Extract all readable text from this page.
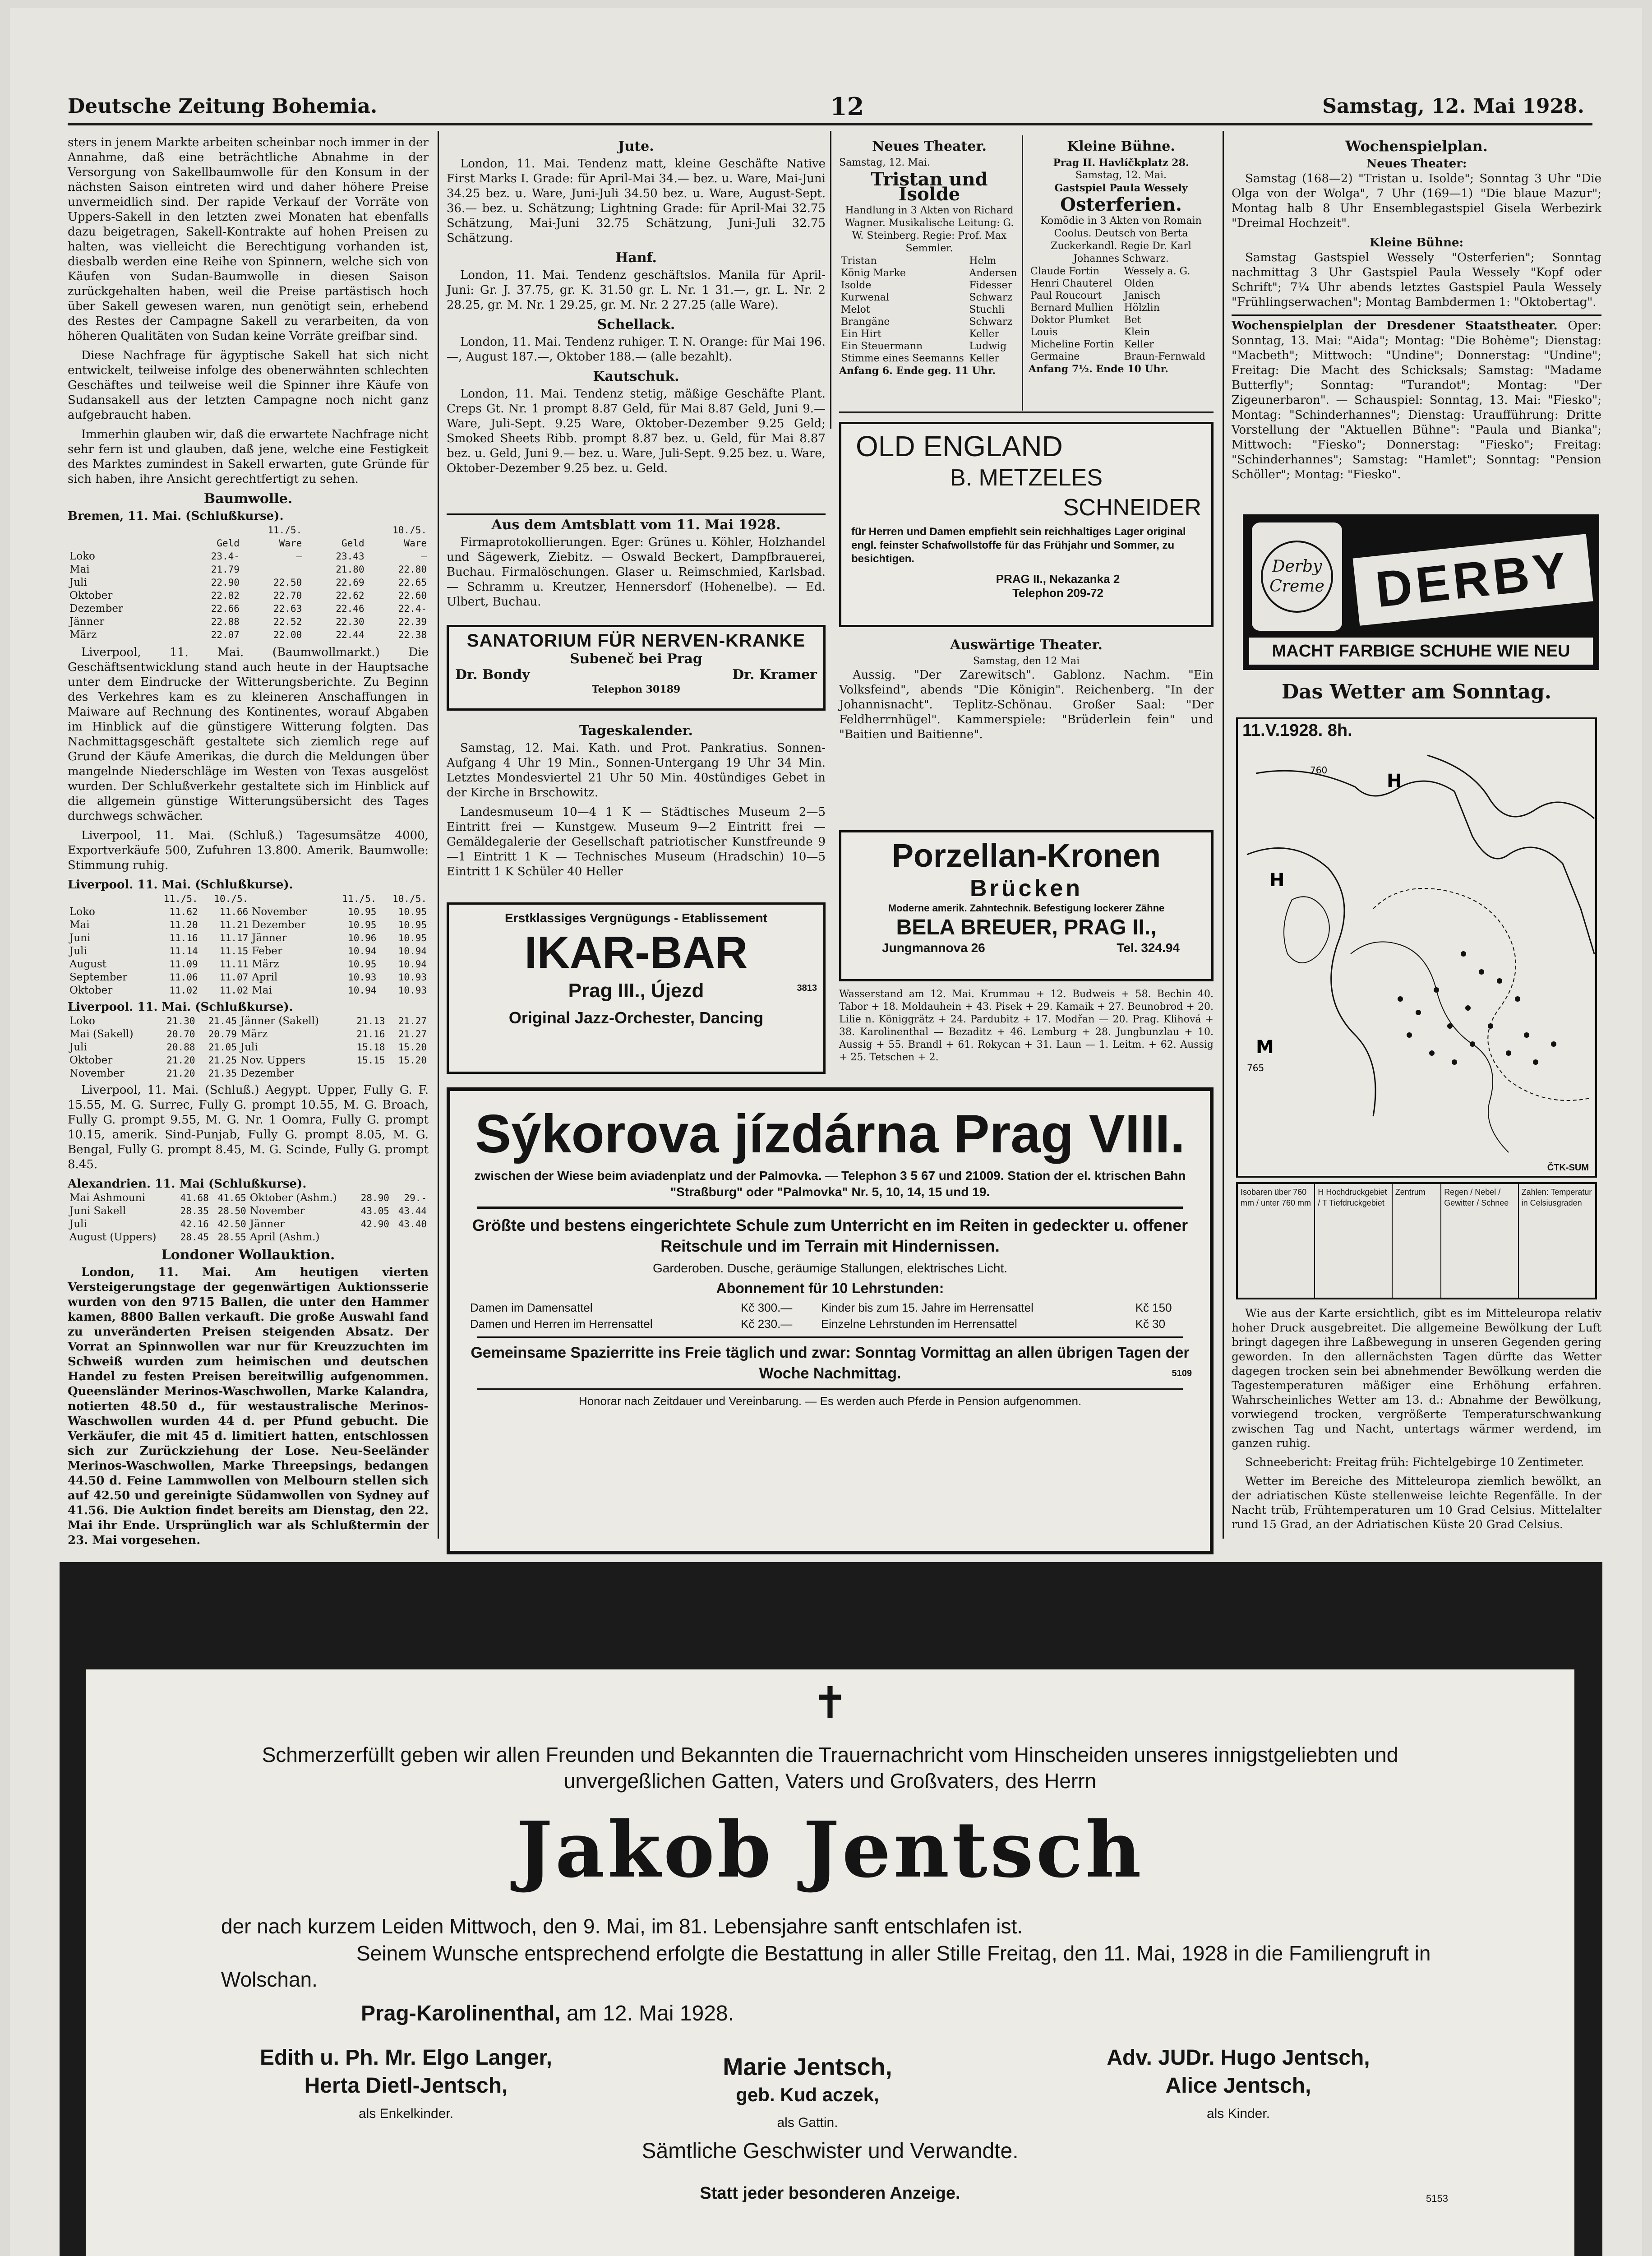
Deutsche Zeitung Bohemia.	12	Samstag, 12. Mai 1928.

sters in jenem Markte arbeiten scheinbar noch immer in der Annahme, daß eine beträchtliche Abnahme in der Versorgung von Sakellbaumwolle für den Konsum in der nächsten Saison eintreten wird und daher höhere Preise unvermeidlich sind. Der rapide Verkauf der Vorräte von Uppers-Sakell in den letzten zwei Monaten hat ebenfalls dazu beigetragen, Sakell-Kontrakte auf hohen Preisen zu halten, was vielleicht die Berechtigung vorhanden ist, diesbalb werden eine Reihe von Spinnern, welche sich von Käufen von Sudan-Baumwolle in diesen Saison zurückgehalten haben, weil die Preise partästisch hoch über Sakell gewesen waren, nun genötigt sein, erhebend des Restes der Campagne Sakell zu verarbeiten, da von höheren Qualitäten von Sudan keine Vorräte greifbar sind.

Diese Nachfrage für ägyptische Sakell hat sich nicht entwickelt, teilweise infolge des obenerwähnten schlechten Geschäftes und teilweise weil die Spinner ihre Käufe von Sudansakell aus der letzten Campagne noch nicht ganz aufgebraucht haben.

Immerhin glauben wir, daß die erwartete Nachfrage nicht sehr fern ist und glauben, daß jene, welche eine Festigkeit des Marktes zumindest in Sakell erwarten, gute Gründe für sich haben, ihre Ansicht gerechtfertigt zu sehen.

Baumwolle.
Bremen, 11. Mai. (Schlußkurse).
	11./5.		10./5.	
	Geld	Ware	Geld	Ware
Loko	23.4-	—	23.43	—
Mai	21.79		21.80	22.80
Juli	22.90	22.50	22.69	22.65
Oktober	22.82	22.70	22.62	22.60
Dezember	22.66	22.63	22.46	22.4-
Jänner	22.88	22.52	22.30	22.39
März	22.07	22.00	22.44	22.38

Liverpool, 11. Mai. (Baumwollmarkt.) Die Geschäftsentwicklung stand auch heute in der Hauptsache unter dem Eindrucke der Witterungsberichte. Zu Beginn des Verkehres kam es zu kleineren Anschaffungen in Maiware auf Rechnung des Kontinentes, worauf Abgaben im Hinblick auf die günstigere Witterung folgten. Das Nachmittagsgeschäft gestaltete sich ziemlich rege auf Grund der Käufe Amerikas, die durch die Meldungen über mangelnde Niederschläge im Westen von Texas ausgelöst wurden. Der Schlußverkehr gestaltete sich im Hinblick auf die allgemein günstige Witterungsübersicht des Tages durchwegs schwächer.

Liverpool, 11. Mai. (Schluß.) Tagesumsätze 4000, Exportverkäufe 500, Zufuhren 13.800. Amerik. Baumwolle: Stimmung ruhig.

Liverpool. 11. Mai. (Schlußkurse).
	11./5.	10./5.		11./5.	10./5.
Loko	11.62	11.66	November	10.95	10.95
Mai	11.20	11.21	Dezember	10.95	10.95
Juni	11.16	11.17	Jänner	10.96	10.95
Juli	11.14	11.15	Feber	10.94	10.94
August	11.09	11.11	März	10.95	10.94
September	11.06	11.07	April	10.93	10.93
Oktober	11.02	11.02	Mai	10.94	10.93
Liverpool. 11. Mai. (Schlußkurse).
Loko	21.30	21.45	Jänner (Sakell)	21.13	21.27
Mai (Sakell)	20.70	20.79	März	21.16	21.27
Juli	20.88	21.05	Juli	15.18	15.20
Oktober	21.20	21.25	Nov. Uppers	15.15	15.20
November	21.20	21.35	Dezember		

Liverpool, 11. Mai. (Schluß.) Aegypt. Upper, Fully G. F. 15.55, M. G. Surrec, Fully G. prompt 10.55, M. G. Broach, Fully G. prompt 9.55, M. G. Nr. 1 Oomra, Fully G. prompt 10.15, amerik. Sind-Punjab, Fully G. prompt 8.05, M. G. Bengal, Fully G. prompt 8.45, M. G. Scinde, Fully G. prompt 8.45.

Alexandrien. 11. Mai (Schlußkurse).
Mai Ashmouni	41.68	41.65	Oktober (Ashm.)	28.90	29.-
Juni Sakell	28.35	28.50	November	43.05	43.44
Juli	42.16	42.50	Jänner	42.90	43.40
August (Uppers)	28.45	28.55	April (Ashm.)		
Londoner Wollauktion.

London, 11. Mai. Am heutigen vierten Versteigerungstage der gegenwärtigen Auktionsserie wurden von den 9715 Ballen, die unter den Hammer kamen, 8800 Ballen verkauft. Die große Auswahl fand zu unveränderten Preisen steigenden Absatz. Der Vorrat an Spinnwollen war nur für Kreuzzuchten im Schweiß wurden zum heimischen und deutschen Handel zu festen Preisen bereitwillig aufgenommen. Queensländer Merinos-Waschwollen, Marke Kalandra, notierten 48.50 d., für westaustralische Merinos-Waschwollen wurden 44 d. per Pfund gebucht. Die Verkäufer, die mit 45 d. limitiert hatten, entschlossen sich zur Zurückziehung der Lose. Neu-Seeländer Merinos-Waschwollen, Marke Threepsings, bedangen 44.50 d. Feine Lammwollen von Melbourn stellen sich auf 42.50 und gereinigte Südamwollen von Sydney auf 41.56. Die Auktion findet bereits am Dienstag, den 22. Mai ihr Ende. Ursprünglich war als Schlußtermin der 23. Mai vorgesehen.

Jute.

London, 11. Mai. Tendenz matt, kleine Geschäfte Native First Marks I. Grade: für April-Mai 34.— bez. u. Ware, Mai-Juni 34.25 bez. u. Ware, Juni-Juli 34.50 bez. u. Ware, August-Sept. 36.— bez. u. Schätzung; Lightning Grade: für April-Mai 32.75 Schätzung, Mai-Juni 32.75 Schätzung, Juni-Juli 32.75 Schätzung.

Hanf.

London, 11. Mai. Tendenz geschäftslos. Manila für April-Juni: Gr. J. 37.75, gr. K. 31.50 gr. L. Nr. 1 31.—, gr. L. Nr. 2 28.25, gr. M. Nr. 1 29.25, gr. M. Nr. 2 27.25 (alle Ware).

Schellack.

London, 11. Mai. Tendenz ruhiger. T. N. Orange: für Mai 196.—, August 187.—, Oktober 188.— (alle bezahlt).

Kautschuk.

London, 11. Mai. Tendenz stetig, mäßige Geschäfte Plant. Creps Gt. Nr. 1 prompt 8.87 Geld, für Mai 8.87 Geld, Juni 9.— Ware, Juli-Sept. 9.25 Ware, Oktober-Dezember 9.25 Geld; Smoked Sheets Ribb. prompt 8.87 bez. u. Geld, für Mai 8.87 bez. u. Geld, Juni 9.— bez. u. Ware, Juli-Sept. 9.25 bez. u. Ware, Oktober-Dezember 9.25 bez. u. Geld.

Aus dem Amtsblatt vom 11. Mai 1928.

Firmaprotokollierungen. Eger: Grünes u. Köhler, Holzhandel und Sägewerk, Ziebitz. — Oswald Beckert, Dampfbrauerei, Buchau. Firmalöschungen. Glaser u. Reimschmied, Karlsbad. — Schramm u. Kreutzer, Hennersdorf (Hohenelbe). — Ed. Ulbert, Buchau.

SANATORIUM FÜR NERVEN-KRANKE
Subeneč bei Prag
Dr. Bondy	Dr. Kramer
Telephon 30189
Tageskalender.

Samstag, 12. Mai. Kath. und Prot. Pankratius. Sonnen-Aufgang 4 Uhr 19 Min., Sonnen-Untergang 19 Uhr 34 Min. Letztes Mondesviertel 21 Uhr 50 Min. 40stündiges Gebet in der Kirche in Brschowitz.

Landesmuseum 10—4 1 K — Städtisches Museum 2—5 Eintritt frei — Kunstgew. Museum 9—2 Eintritt frei — Gemäldegalerie der Gesellschaft patriotischer Kunstfreunde 9—1 Eintritt 1 K — Technisches Museum (Hradschin) 10—5 Eintritt 1 K Schüler 40 Heller

Erstklassiges Vergnügungs - Etablissement
IKAR-BAR
Prag III., Újezd	3813
Original Jazz-Orchester, Dancing
Neues Theater.
Samstag, 12. Mai.
Tristan und Isolde
Handlung in 3 Akten von Richard Wagner. Musikalische Leitung: G. W. Steinberg. Regie: Prof. Max Semmler.
Tristan	Helm
König Marke	Andersen
Isolde	Fidesser
Kurwenal	Schwarz
Melot	Stuchli
Brangäne	Schwarz
Ein Hirt	Keller
Ein Steuermann	Ludwig
Stimme eines Seemanns	Keller
Anfang 6. Ende geg. 11 Uhr.
Kleine Bühne.
Prag II. Havlíčkplatz 28.
Samstag, 12. Mai.
Gastspiel Paula Wessely
Osterferien.
Komödie in 3 Akten von Romain Coolus. Deutsch von Berta Zuckerkandl. Regie Dr. Karl Johannes Schwarz.
Claude Fortin	Wessely a. G.
Henri Chauterel	Olden
Paul Roucourt	Janisch
Bernard Mullien	Hölzlin
Doktor Plumket	Bet
Louis	Klein
Micheline Fortin	Keller
Germaine	Braun-Fernwald
Anfang 7½. Ende 10 Uhr.
OLD ENGLAND
B. METZELES
SCHNEIDER
für Herren und Damen empfiehlt sein reichhaltiges Lager original engl. feinster Schafwollstoffe für das Frühjahr und Sommer, zu besichtigen.
PRAG II., Nekazanka 2
Telephon 209-72
Auswärtige Theater.
Samstag, den 12 Mai

Aussig. "Der Zarewitsch". Gablonz. Nachm. "Ein Volksfeind", abends "Die Königin". Reichenberg. "In der Johannisnacht". Teplitz-Schönau. Großer Saal: "Der Feldherrnhügel". Kammerspiele: "Brüderlein fein" und "Baitien und Baitienne".

Porzellan-Kronen
Brücken
Moderne amerik. Zahntechnik. Befestigung lockerer Zähne
BELA BREUER, PRAG II.,
Jungmannova 26	Tel. 324.94

Wasserstand am 12. Mai. Krummau + 12. Budweis + 58. Bechin 40. Tabor + 18. Moldauhein + 43. Pisek + 29. Kamaik + 27. Beunobrod + 20. Lilie n. Königgrätz + 24. Pardubitz + 17. Modřan — 20. Prag. Klihová + 38. Karolinenthal — Bezaditz + 46. Lemburg + 28. Jungbunzlau + 10. Aussig + 55. Brandl + 61. Rokycan + 31. Laun — 1. Leitm. + 62. Aussig + 25. Tetschen + 2.

Wochenspielplan.
Neues Theater:

Samstag (168—2) "Tristan u. Isolde"; Sonntag 3 Uhr "Die Olga von der Wolga", 7 Uhr (169—1) "Die blaue Mazur"; Montag halb 8 Uhr Ensemblegastspiel Gisela Werbezirk "Dreimal Hochzeit".

Kleine Bühne:

Samstag Gastspiel Wessely "Osterferien"; Sonntag nachmittag 3 Uhr Gastspiel Paula Wessely "Kopf oder Schrift"; 7¼ Uhr abends letztes Gastspiel Paula Wessely "Frühlingserwachen"; Montag Bambdermen 1: "Oktobertag".

Wochenspielplan der Dresdener Staatstheater. Oper: Sonntag, 13. Mai: "Aida"; Montag: "Die Bohème"; Dienstag: "Macbeth"; Mittwoch: "Undine"; Donnerstag: "Undine"; Freitag: Die Macht des Schicksals; Samstag: "Madame Butterfly"; Sonntag: "Turandot"; Montag: "Der Zigeunerbaron". — Schauspiel: Sonntag, 13. Mai: "Fiesko"; Montag: "Schinderhannes"; Dienstag: Uraufführung: Dritte Vorstellung der "Aktuellen Bühne": "Paula und Bianka"; Mittwoch: "Fiesko"; Donnerstag: "Fiesko"; Freitag: "Schinderhannes"; Samstag: "Hamlet"; Sonntag: "Pension Schöller"; Montag: "Fiesko".

Derby Creme DERBY
MACHT FARBIGE SCHUHE WIE NEU
Das Wetter am Sonntag.
11.V.1928. 8h.
H
H
M
760
765
ČTK-SUM
Isobaren über 760 mm / unter 760 mm
H Hochdruckgebiet / T Tiefdruckgebiet
Zentrum	Regen / Nebel / Gewitter / Schnee
Zahlen: Temperatur in Celsiusgraden

Wie aus der Karte ersichtlich, gibt es im Mitteleuropa relativ hoher Druck ausgebreitet. Die allgemeine Bewölkung der Luft bringt dagegen ihre Laßbewegung in unseren Gegenden gering geworden. In den allernächsten Tagen dürfte das Wetter dagegen trocken sein bei abnehmender Bewölkung werden die Tagestemperaturen mäßiger eine Erhöhung erfahren. Wahrscheinliches Wetter am 13. d.: Abnahme der Bewölkung, vorwiegend trocken, vergrößerte Temperaturschwankung zwischen Tag und Nacht, untertags wärmer werdend, im ganzen ruhig.

Schneebericht: Freitag früh: Fichtelgebirge 10 Zentimeter.

Wetter im Bereiche des Mitteleuropa ziemlich bewölkt, an der adriatischen Küste stellenweise leichte Regenfälle. In der Nacht trüb, Frühtemperaturen um 10 Grad Celsius. Mittelalter rund 15 Grad, an der Adriatischen Küste 20 Grad Celsius.

Sýkorova jízdárna Prag VIII.
zwischen der Wiese beim aviadenplatz und der Palmovka. — Telephon 3 5 67 und 21009. Station der el. ktrischen Bahn "Straßburg" oder "Palmovka" Nr. 5, 10, 14, 15 und 19.
Größte und bestens eingerichtete Schule zum Unterricht en im Reiten in gedeckter u. offener Reitschule und im Terrain mit Hindernissen.
Garderoben. Dusche, geräumige Stallungen, elektrisches Licht.
Abonnement für 10 Lehrstunden:
Damen im Damensattel	Kč 300.—	Kinder bis zum 15. Jahre im Herrensattel	Kč 150
Damen und Herren im Herrensattel	Kč 230.—	Einzelne Lehrstunden im Herrensattel	Kč 30
Gemeinsame Spazierritte ins Freie täglich und zwar: Sonntag Vormittag an allen übrigen Tagen der Woche Nachmittag.	5109
Honorar nach Zeitdauer und Vereinbarung. — Es werden auch Pferde in Pension aufgenommen.
✝
Schmerzerfüllt geben wir allen Freunden und Bekannten die Trauernachricht vom Hinscheiden unseres innigstgeliebten und unvergeßlichen Gatten, Vaters und Großvaters, des Herrn
Jakob Jentsch
der nach kurzem Leiden Mittwoch, den 9. Mai, im 81. Lebensjahre sanft entschlafen ist.
Seinem Wunsche entsprechend erfolgte die Bestattung in aller Stille Freitag, den 11. Mai, 1928 in die Familiengruft in Wolschan.
Prag-Karolinenthal, am 12. Mai 1928.
Edith u. Ph. Mr. Elgo Langer,
Herta Dietl-Jentsch,
als Enkelkinder.
Marie Jentsch,
geb. Kud aczek,
als Gattin.
Adv. JUDr. Hugo Jentsch,
Alice Jentsch,
als Kinder.
Sämtliche Geschwister und Verwandte.
Statt jeder besonderen Anzeige.	5153
